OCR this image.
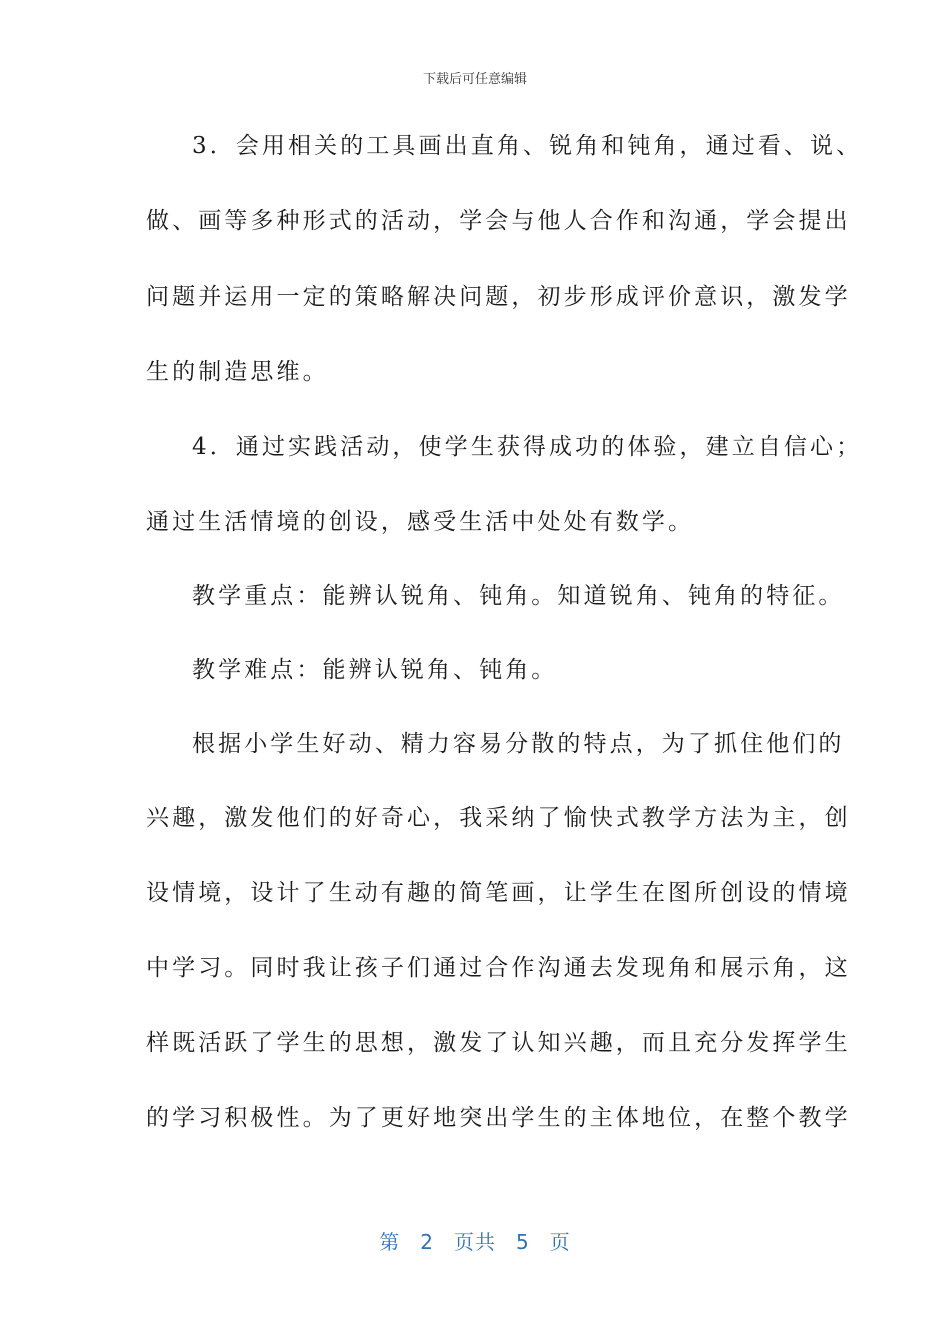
下载后可任意编辑
3．会用相关的工具画出直角、锐角和钝角，通过看、说、
做、画等多种形式的活动，学会与他人合作和沟通，学会提出
问题并运用一定的策略解决问题，初步形成评价意识，激发学
生的制造思维。
4．通过实践活动，使学生获得成功的体验，建立自信心；
通过生活情境的创设，感受生活中处处有数学。
教学重点：能辨认锐角、钝角。知道锐角、钝角的特征。
教学难点：能辨认锐角、钝角。
根据小学生好动、精力容易分散的特点，为了抓住他们的
兴趣，激发他们的好奇心，我采纳了愉快式教学方法为主，创
设情境，设计了生动有趣的简笔画，让学生在图所创设的情境
中学习。同时我让孩子们通过合作沟通去发现角和展示角，这
样既活跃了学生的思想，激发了认知兴趣，而且充分发挥学生
的学习积极性。为了更好地突出学生的主体地位，在整个教学
第 2 页共 5 页
